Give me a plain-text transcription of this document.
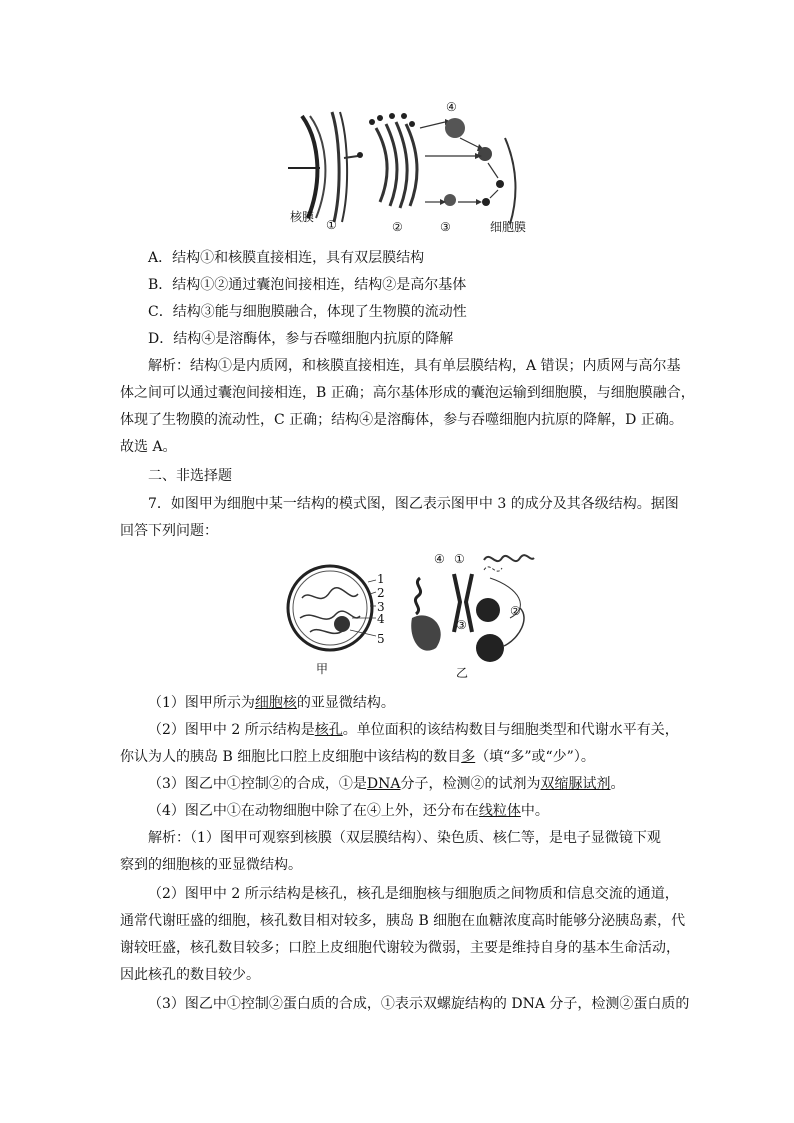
核膜
①	②	③
④
细胞膜
A．结构①和核膜直接相连，具有双层膜结构
B．结构①②通过囊泡间接相连，结构②是高尔基体
C．结构③能与细胞膜融合，体现了生物膜的流动性
D．结构④是溶酶体，参与吞噬细胞内抗原的降解
解析：结构①是内质网，和核膜直接相连，具有单层膜结构，A 错误；内质网与高尔基
体之间可以通过囊泡间接相连，B 正确；高尔基体形成的囊泡运输到细胞膜，与细胞膜融合，
体现了生物膜的流动性，C 正确；结构④是溶酶体，参与吞噬细胞内抗原的降解，D 正确。
故选 A。
二、非选择题
7．如图甲为细胞中某一结构的模式图，图乙表示图甲中 3 的成分及其各级结构。据图
回答下列问题：
1
2
3
4
5
甲	乙
④ ①
②
③
（1）图甲所示为细胞核的亚显微结构。
（2）图甲中 2 所示结构是核孔。单位面积的该结构数目与细胞类型和代谢水平有关，
你认为人的胰岛 B 细胞比口腔上皮细胞中该结构的数目多（填“多”或“少”）。
（3）图乙中①控制②的合成，①是DNA分子，检测②的试剂为双缩脲试剂。
（4）图乙中①在动物细胞中除了在④上外，还分布在线粒体中。
解析：（1）图甲可观察到核膜（双层膜结构）、染色质、核仁等，是电子显微镜下观
察到的细胞核的亚显微结构。
（2）图甲中 2 所示结构是核孔，核孔是细胞核与细胞质之间物质和信息交流的通道，
通常代谢旺盛的细胞，核孔数目相对较多，胰岛 B 细胞在血糖浓度高时能够分泌胰岛素，代
谢较旺盛，核孔数目较多；口腔上皮细胞代谢较为微弱，主要是维持自身的基本生命活动，
因此核孔的数目较少。
（3）图乙中①控制②蛋白质的合成，①表示双螺旋结构的 DNA 分子，检测②蛋白质的
